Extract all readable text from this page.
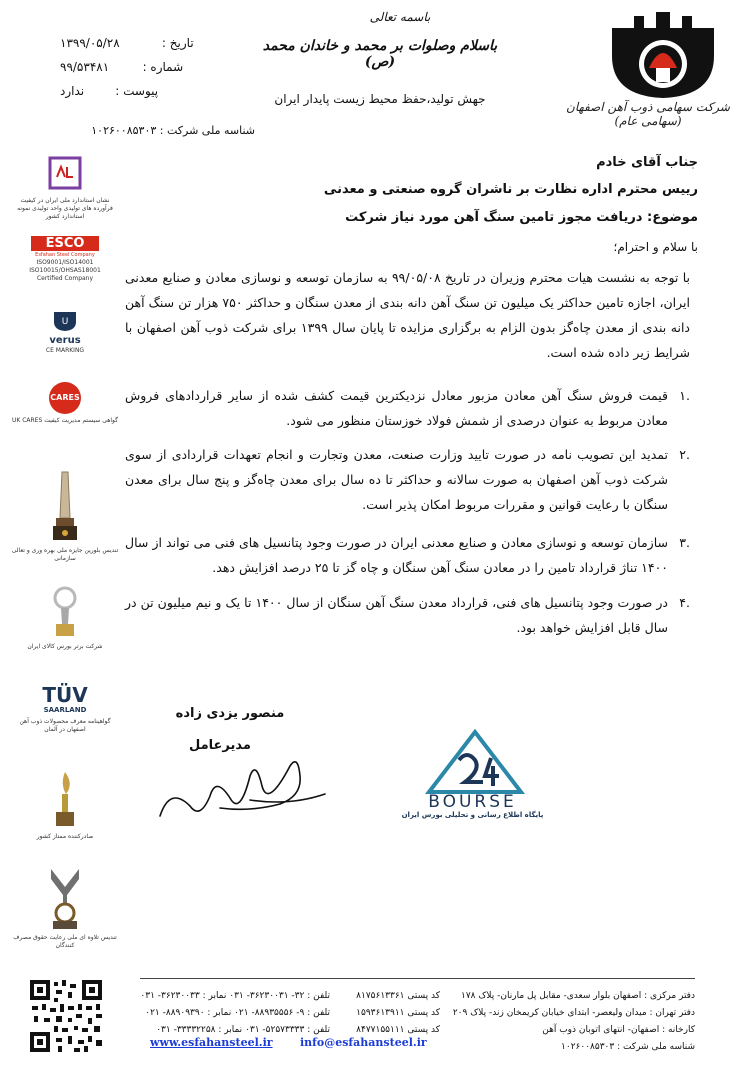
شرکت سهامی ذوب آهن اصفهان (سهامی عام)
باسمه تعالی
باسلام وصلوات بر محمد و خاندان محمد (ص)
جهش تولید،حفظ محیط زیست پایدار ایران
تاریخ :
۱۳۹۹/۰۵/۲۸
شماره :
۹۹/۵۳۴۸۱
پیوست :
ندارد
شناسه ملی شرکت : ۱۰۲۶۰۰۸۵۳۰۳
نشان استاندارد ملی ایران در کیفیت فرآورده های تولیدی واحد تولیدی نمونه استاندارد کشور
ESCO
Esfahan Steel Company
ISO9001/ISO14001
ISO10015/OHSAS18001
Certified Company
U
verus
CE MARKING
CARES
گواهی سیستم مدیریت کیفیت UK CARES
تندیس بلورین جایزه ملی بهره وری و تعالی سازمانی
شرکت برتر بورس کالای ایران
TÜV
SAARLAND
گواهینامه معرف محصولات ذوب آهن اصفهان در آلمان
صادرکننده ممتاز کشور
تندیس تلاوه ای ملی رعایت حقوق مصرف کنندگان
جناب آقای خادم
رییس محترم اداره نظارت بر ناشران گروه صنعتی و معدنی
موضوع: دریافت مجوز تامین سنگ آهن مورد نیاز شرکت
با سلام و احترام؛
با توجه به نشست هیات محترم وزیران در تاریخ ۹۹/۰۵/۰۸ به سازمان توسعه و نوسازی معادن و صنایع معدنی ایران، اجازه تامین حداکثر یک میلیون تن سنگ آهن دانه بندی از معدن سنگان و حداکثر ۷۵۰ هزار تن سنگ آهن دانه بندی از معدن چاه‌گز بدون الزام به برگزاری مزایده تا پایان سال ۱۳۹۹ برای شرکت ذوب آهن اصفهان با شرایط زیر داده شده است.
.۱
قیمت فروش سنگ آهن معادن مزبور معادل نزدیکترین قیمت کشف شده از سایر قراردادهای فروش معادن مربوط به عنوان درصدی از شمش فولاد خوزستان منظور می شود.
.۲
تمدید این تصویب نامه در صورت تایید وزارت صنعت، معدن وتجارت و انجام تعهدات قراردادی از سوی شرکت ذوب آهن اصفهان به صورت سالانه و حداکثر تا ده سال برای معدن چاه‌گز و پنج سال برای معدن سنگان با رعایت قوانین و مقررات مربوط امکان پذیر است.
.۳
سازمان توسعه و نوسازی معادن و صنایع معدنی ایران در صورت وجود پتانسیل های فنی می تواند از سال ۱۴۰۰ تناژ قرارداد تامین را در معادن سنگ آهن سنگان و چاه گز تا ۲۵ درصد افزایش دهد.
.۴
در صورت وجود پتانسیل های فنی، قرارداد معدن سنگ آهن سنگان از سال ۱۴۰۰ تا یک و نیم میلیون تن در سال قابل افزایش خواهد بود.
منصور یزدی زاده
مدیرعامل
BOURSE
پایگاه اطلاع رسانی و تحلیلی بورس ایران
دفتر مرکزی : اصفهان بلوار سعدی- مقابل پل مارنان- پلاک ۱۷۸
دفتر تهران : میدان ولیعصر- ابتدای خیابان کریمخان زند- پلاک ۲۰۹
کارخانه : اصفهان- انتهای اتوبان ذوب آهن
شناسه ملی شرکت : ۱۰۲۶۰۰۸۵۳۰۳
کد پستی ۸۱۷۵۶۱۳۳۶۱
کد پستی ۱۵۹۳۶۱۳۹۱۱
کد پستی ۸۴۷۷۱۵۵۱۱۱
تلفن : ۳۲- ۳۶۲۳۰۰۳۱- ۰۳۱ نمابر : ۳۶۲۳۰۰۳۳- ۰۳۱
تلفن : ۹- ۸۸۹۳۵۵۵۶- ۰۲۱ نمابر : ۸۸۹۰۹۳۹۰- ۰۲۱
تلفن : ۵۲۵۷۳۳۳۳- ۰۳۱ نمابر : ۳۳۳۳۲۲۵۸- ۰۳۱
www.esfahansteel.ir info@esfahansteel.ir
